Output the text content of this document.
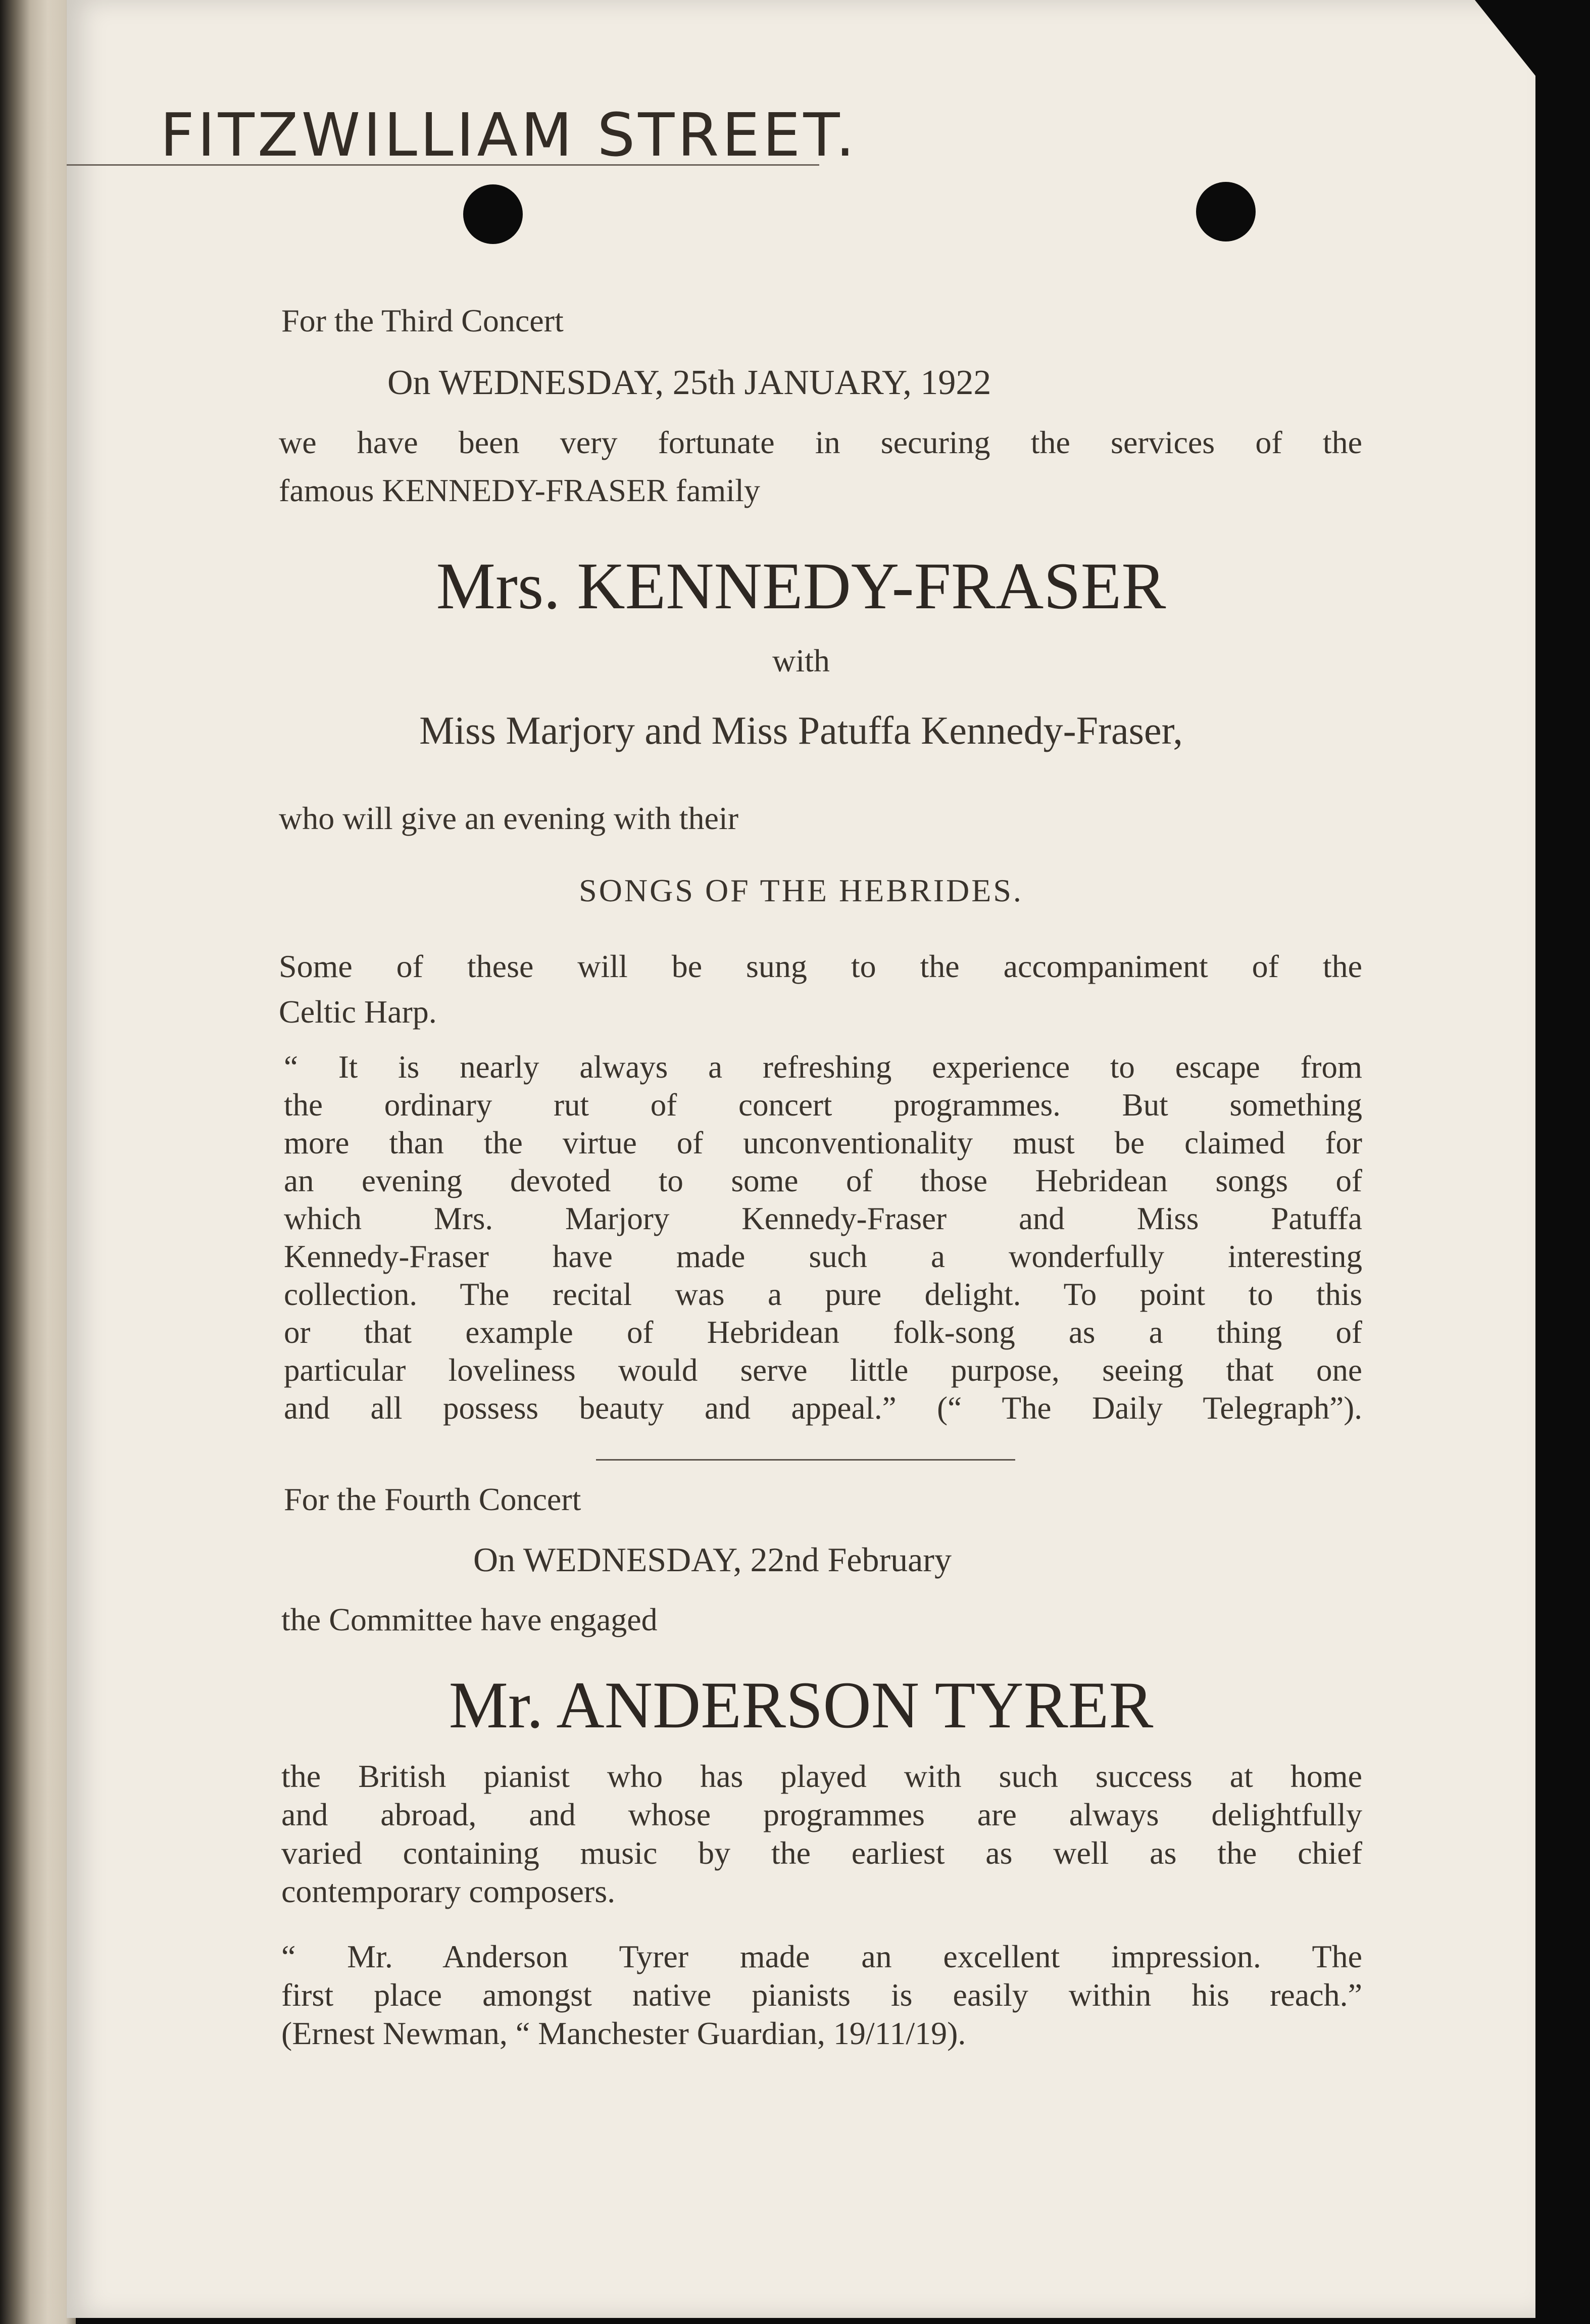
FITZWILLIAM STREET.
For the Third Concert
On WEDNESDAY, 25th JANUARY, 1922
we have been very fortunate in securing the services of the
famous KENNEDY-FRASER family
Mrs. KENNEDY-FRASER
with
Miss Marjory and Miss Patuffa Kennedy-Fraser,
who will give an evening with their
SONGS OF THE HEBRIDES.
Some of these will be sung to the accompaniment of the
Celtic Harp.
“ It is nearly always a refreshing experience to escape from
the ordinary rut of concert programmes. But something
more than the virtue of unconventionality must be claimed for
an evening devoted to some of those Hebridean songs of
which Mrs. Marjory Kennedy-Fraser and Miss Patuffa
Kennedy-Fraser have made such a wonderfully interesting
collection. The recital was a pure delight. To point to this
or that example of Hebridean folk-song as a thing of
particular loveliness would serve little purpose, seeing that one
and all possess beauty and appeal.” (“ The Daily Telegraph”).
For the Fourth Concert
On WEDNESDAY, 22nd February
the Committee have engaged
Mr. ANDERSON TYRER
the British pianist who has played with such success at home
and abroad, and whose programmes are always delightfully
varied containing music by the earliest as well as the chief
contemporary composers.
“ Mr. Anderson Tyrer made an excellent impression. The
first place amongst native pianists is easily within his reach.”
(Ernest Newman, “ Manchester Guardian, 19/11/19).
